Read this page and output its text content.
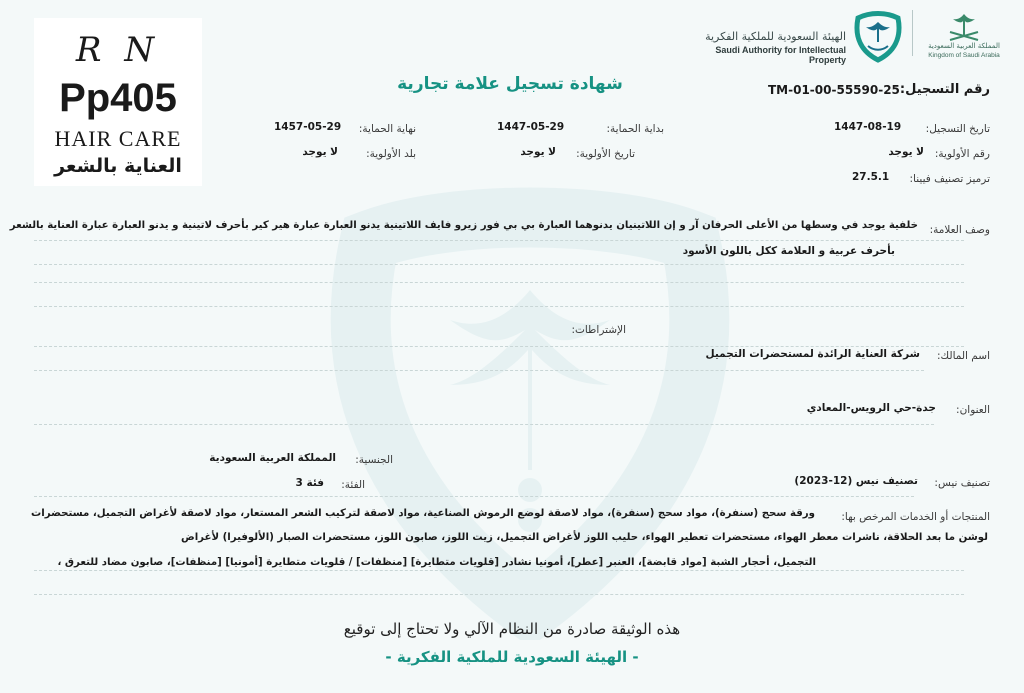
R N
Pp405
HAIR CARE
العناية بالشعر
الهيئة السعودية للملكية الفكرية
Saudi Authority for Intellectual Property
المملكة العربية السعودية
Kingdom of Saudi Arabia
شهادة تسجيل علامة تجارية	رقم التسجيل:
TM-01-00-55590-25
تاريخ التسجيل:
1447-08-19
بداية الحماية:
1447-05-29
نهاية الحماية:
1457-05-29
رقم الأولوية:
لا يوجد
تاريخ الأولوية:
لا يوجد
بلد الأولوية:
لا يوجد
ترميز تصنيف فيينا:
27.5.1
وصف العلامة:
خلفية يوجد في وسطها من الأعلى الحرفان آر و إن اللاتينيان يدنوهما العبارة بي بي فور زيرو فايف اللاتينية يدنو العبارة عبارة هير كير بأحرف لاتينية و يدنو العبارة عبارة العناية بالشعر
بأحرف عربية و العلامة ككل باللون الأسود
الإشتراطات:
اسم المالك:
شركة العناية الرائدة لمستحضرات التجميل
العنوان:
جدة-حي الرويس-المعادي
الجنسية:
المملكة العربية السعودية
تصنيف نيس:
تصنيف نيس (12-2023)
الفئة:
فئة 3
المنتجات أو الخدمات المرخص بها:
ورقة سحج (سنفرة)، مواد سحج (سنفرة)، مواد لاصقة لوضع الرموش الصناعية، مواد لاصقة لتركيب الشعر المستعار، مواد لاصقة لأغراض التجميل، مستحضرات
لوشن ما بعد الحلاقة، ناشرات معطر الهواء، مستحضرات تعطير الهواء، حليب اللوز لأغراض التجميل، زيت اللوز، صابون اللوز، مستحضرات الصبار (الألوفيرا) لأغراض
التجميل، أحجار الشبة [مواد قابضة]، العنبر [عطر]، أمونيا نشادر [قلويات متطايرة] [منظفات] / قلويات متطايرة [أمونيا] [منظفات]، صابون مضاد للتعرق ،
هذه الوثيقة صادرة من النظام الآلي ولا تحتاج إلى توقيع
- الهيئة السعودية للملكية الفكرية -
